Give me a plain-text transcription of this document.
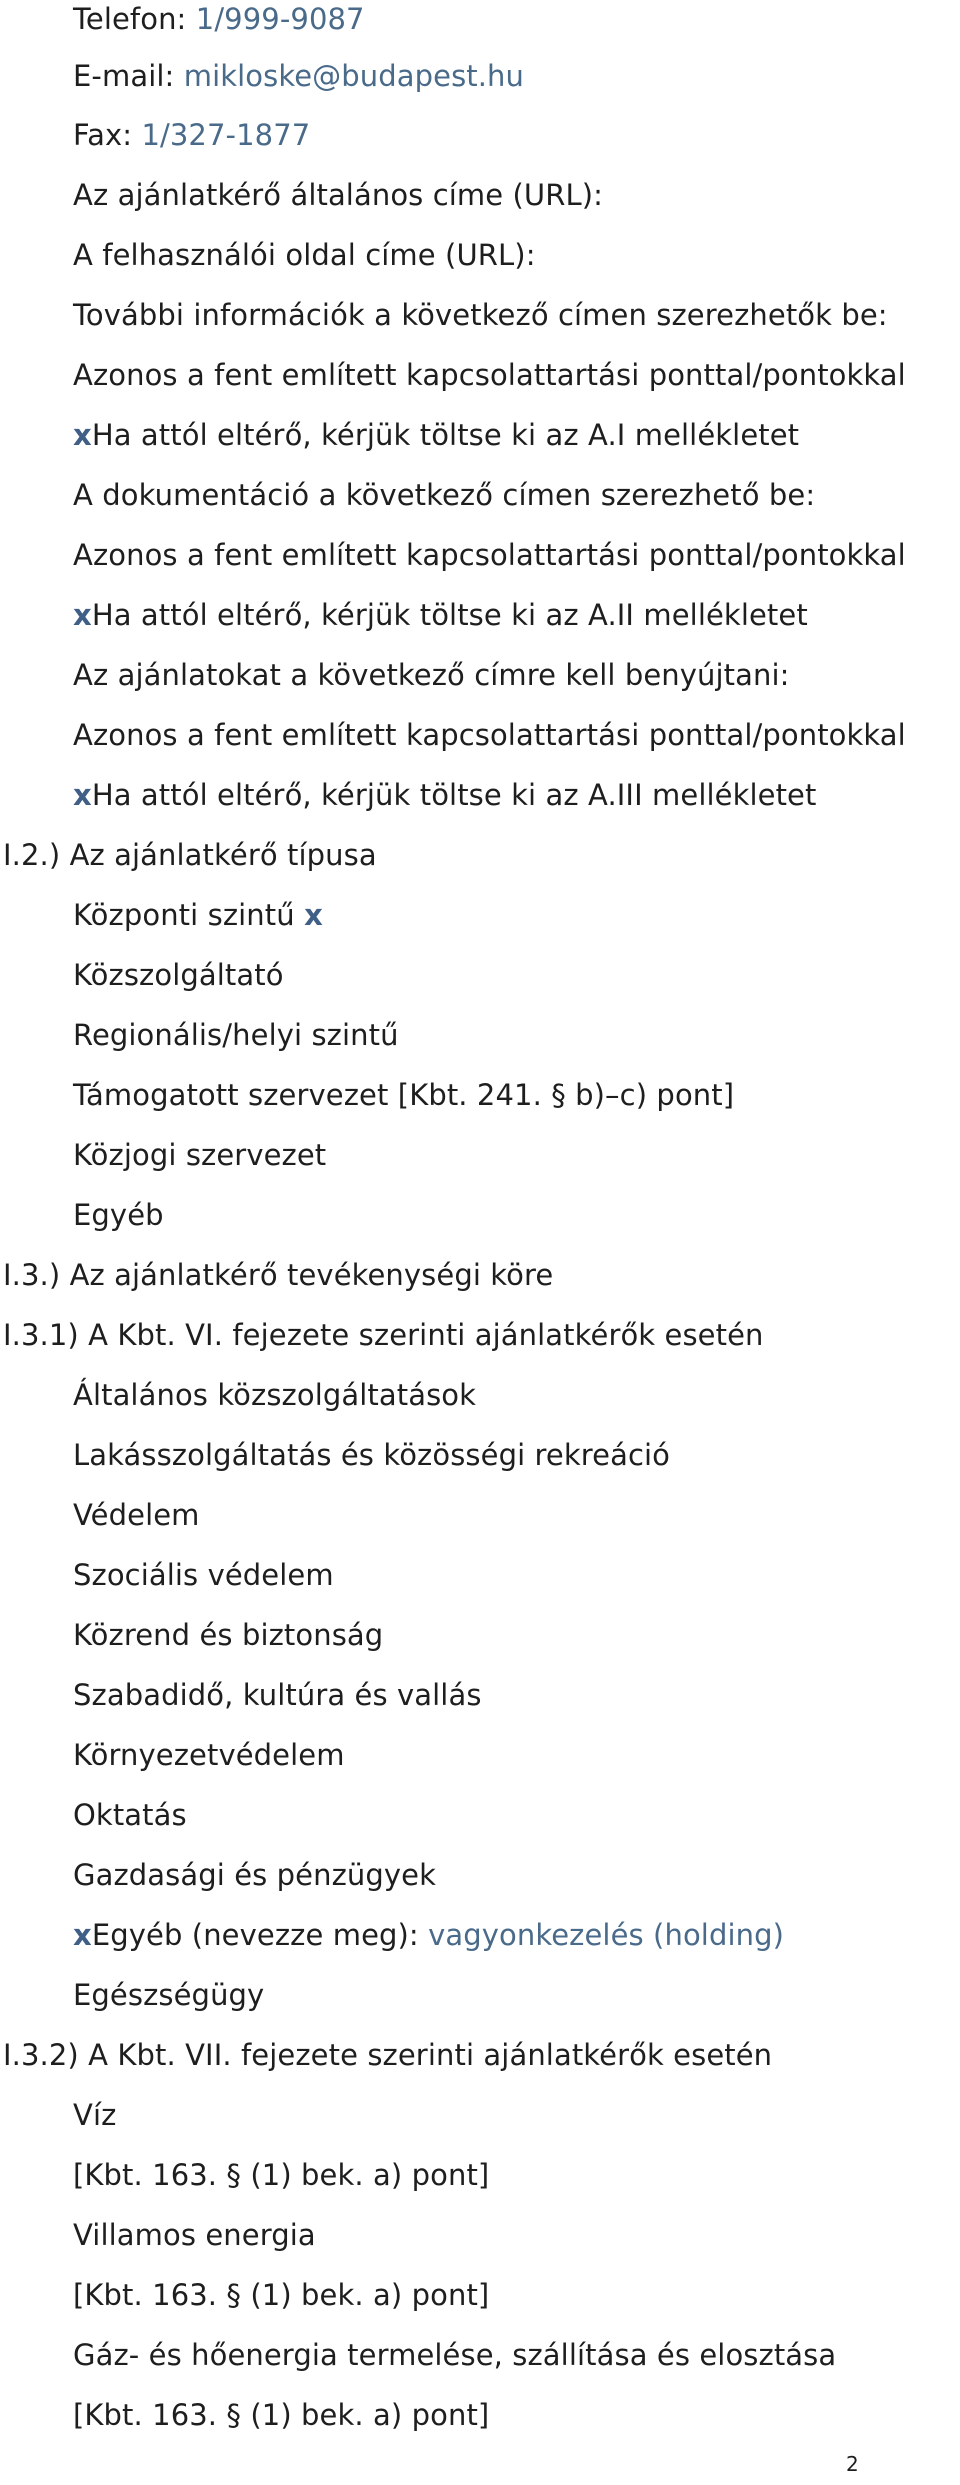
Telefon: 1/999-9087
E-mail: mikloske@budapest.hu
Fax: 1/327-1877
Az ajánlatkérő általános címe (URL):
A felhasználói oldal címe (URL):
További információk a következő címen szerezhetők be:
Azonos a fent említett kapcsolattartási ponttal/pontokkal
xHa attól eltérő, kérjük töltse ki az A.I mellékletet
A dokumentáció a következő címen szerezhető be:
Azonos a fent említett kapcsolattartási ponttal/pontokkal
xHa attól eltérő, kérjük töltse ki az A.II mellékletet
Az ajánlatokat a következő címre kell benyújtani:
Azonos a fent említett kapcsolattartási ponttal/pontokkal
xHa attól eltérő, kérjük töltse ki az A.III mellékletet
I.2.) Az ajánlatkérő típusa
Központi szintű x
Közszolgáltató
Regionális/helyi szintű
Támogatott szervezet [Kbt. 241. § b)–c) pont]
Közjogi szervezet
Egyéb
I.3.) Az ajánlatkérő tevékenységi köre
I.3.1) A Kbt. VI. fejezete szerinti ajánlatkérők esetén
Általános közszolgáltatások
Lakásszolgáltatás és közösségi rekreáció
Védelem
Szociális védelem
Közrend és biztonság
Szabadidő, kultúra és vallás
Környezetvédelem
Oktatás
Gazdasági és pénzügyek
xEgyéb (nevezze meg): vagyonkezelés (holding)
Egészségügy
I.3.2) A Kbt. VII. fejezete szerinti ajánlatkérők esetén
Víz
[Kbt. 163. § (1) bek. a) pont]
Villamos energia
[Kbt. 163. § (1) bek. a) pont]
Gáz- és hőenergia termelése, szállítása és elosztása
[Kbt. 163. § (1) bek. a) pont]
2
